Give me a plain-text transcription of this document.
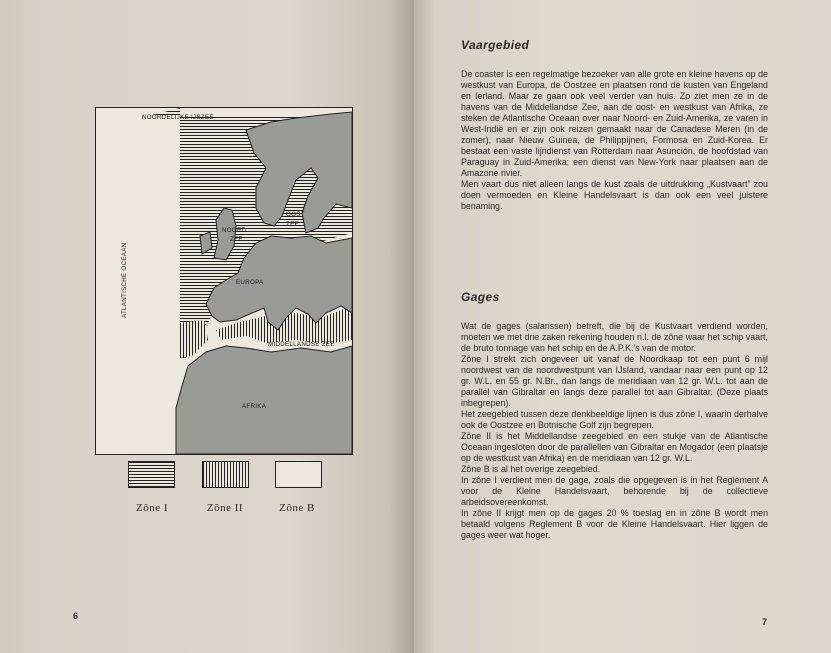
NOORDELIJKE IJSZEE
ATLANTISCHE OCEAAN
NOORD
ZEE
OOST
ZEE
EUROPA
MIDDELLANDSE ZEE
AFRIKA
Zône I	Zône II	Zône B
6
Vaargebied

De coaster is een regelmatige bezoeker van alle grote en kleine havens op de westkust van Europa, de Oostzee en plaatsen rond de kusten van Engeland en Ierland. Maar ze gaan ook veel verder van huis. Zo ziet men ze in de havens van de Middellandse Zee, aan de oost- en westkust van Afrika, ze steken de Atlantische Oceaan over naar Noord- en Zuid-Amerika, ze varen in West-Indië en er zijn ook reizen gemaakt naar de Canadese Meren (in de zomer), naar Nieuw Guinea, de Philippijnen, Formosa en Zuid-Korea. Er bestaat een vaste lijndienst van Rotterdam naar Asunción, de hoofdstad van Paraguay in Zuid-Amerika; een dienst van New-York naar plaatsen aan de Amazone rivier.

Men vaart dus niet alleen langs de kust zoals de uitdrukking „Kustvaart” zou doen vermoeden en Kleine Handelsvaart is dan ook een veel juistere benaming.

Gages

Wat de gages (salarissen) betreft, die bij de Kustvaart verdiend worden, moeten we met drie zaken rekening houden n.l. de zône waar het schip vaart, de bruto tonnage van het schip en de A.P.K.'s van de motor.

Zône I strekt zich ongeveer uit vanaf de Noordkaap tot een punt 6 mijl noordwest van de noordwestpunt van IJsland, vandaar naar een punt op 12 gr. W.L. en 55 gr. N.Br., dan langs de meridiaan van 12 gr. W.L. tot aan de parallel van Gibraltar en langs deze parallel tot aan Gibraltar. (Deze plaats inbegrepen).

Het zeegebied tussen deze denkbeeldige lijnen is dus zône I, waarin derhalve ook de Oostzee en Botnische Golf zijn begrepen.

Zône II is het Middellandse zeegebied en een stukje van de Atlantische Oceaan ingesloten door de parallellen van Gibraltar en Mogador (een plaatsje op de westkust van Afrika) en de meridiaan van 12 gr. W.L.

Zône B is al het overige zeegebied.

In zône I verdient men de gage, zoals die opgegeven is in het Reglement A voor de Kleine Handelsvaart, behorende bij de collectieve arbeidsovereenkomst.

In zône II krijgt men op de gages 20 % toeslag en in zône B wordt men betaald volgens Reglement B voor de Kleine Handelsvaart. Hier liggen de gages weer wat hoger.

7
